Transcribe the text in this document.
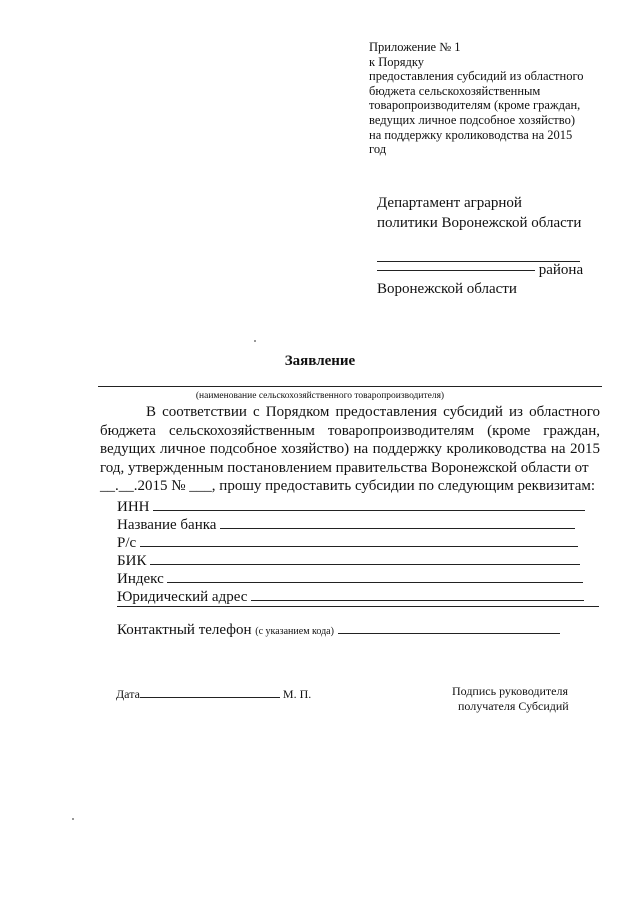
Приложение № 1
к Порядку
предоставления субсидий из областного
бюджета сельскохозяйственным
товаропроизводителям (кроме граждан,
ведущих личное подсобное хозяйство)
на поддержку кролиководства на 2015
год
Департамент аграрной
политики Воронежской области
района
Воронежской области
Заявление
(наименование сельскохозяйственного товаропроизводителя)
В соответствии с Порядком предоставления субсидий из областного бюджета сельскохозяйственным товаропроизводителям (кроме граждан, ведущих личное подсобное хозяйство) на поддержку кролиководства на 2015 год, утвержденным постановлением правительства Воронежской области от
__.__.2015 № ___, прошу предоставить субсидии по следующим реквизитам:
ИНН
Название банка
Р/с
БИК
Индекс
Юридический адрес
Контактный телефон (с указанием кода)
Дата	М. П.	Подпись руководителя
получателя Субсидий
